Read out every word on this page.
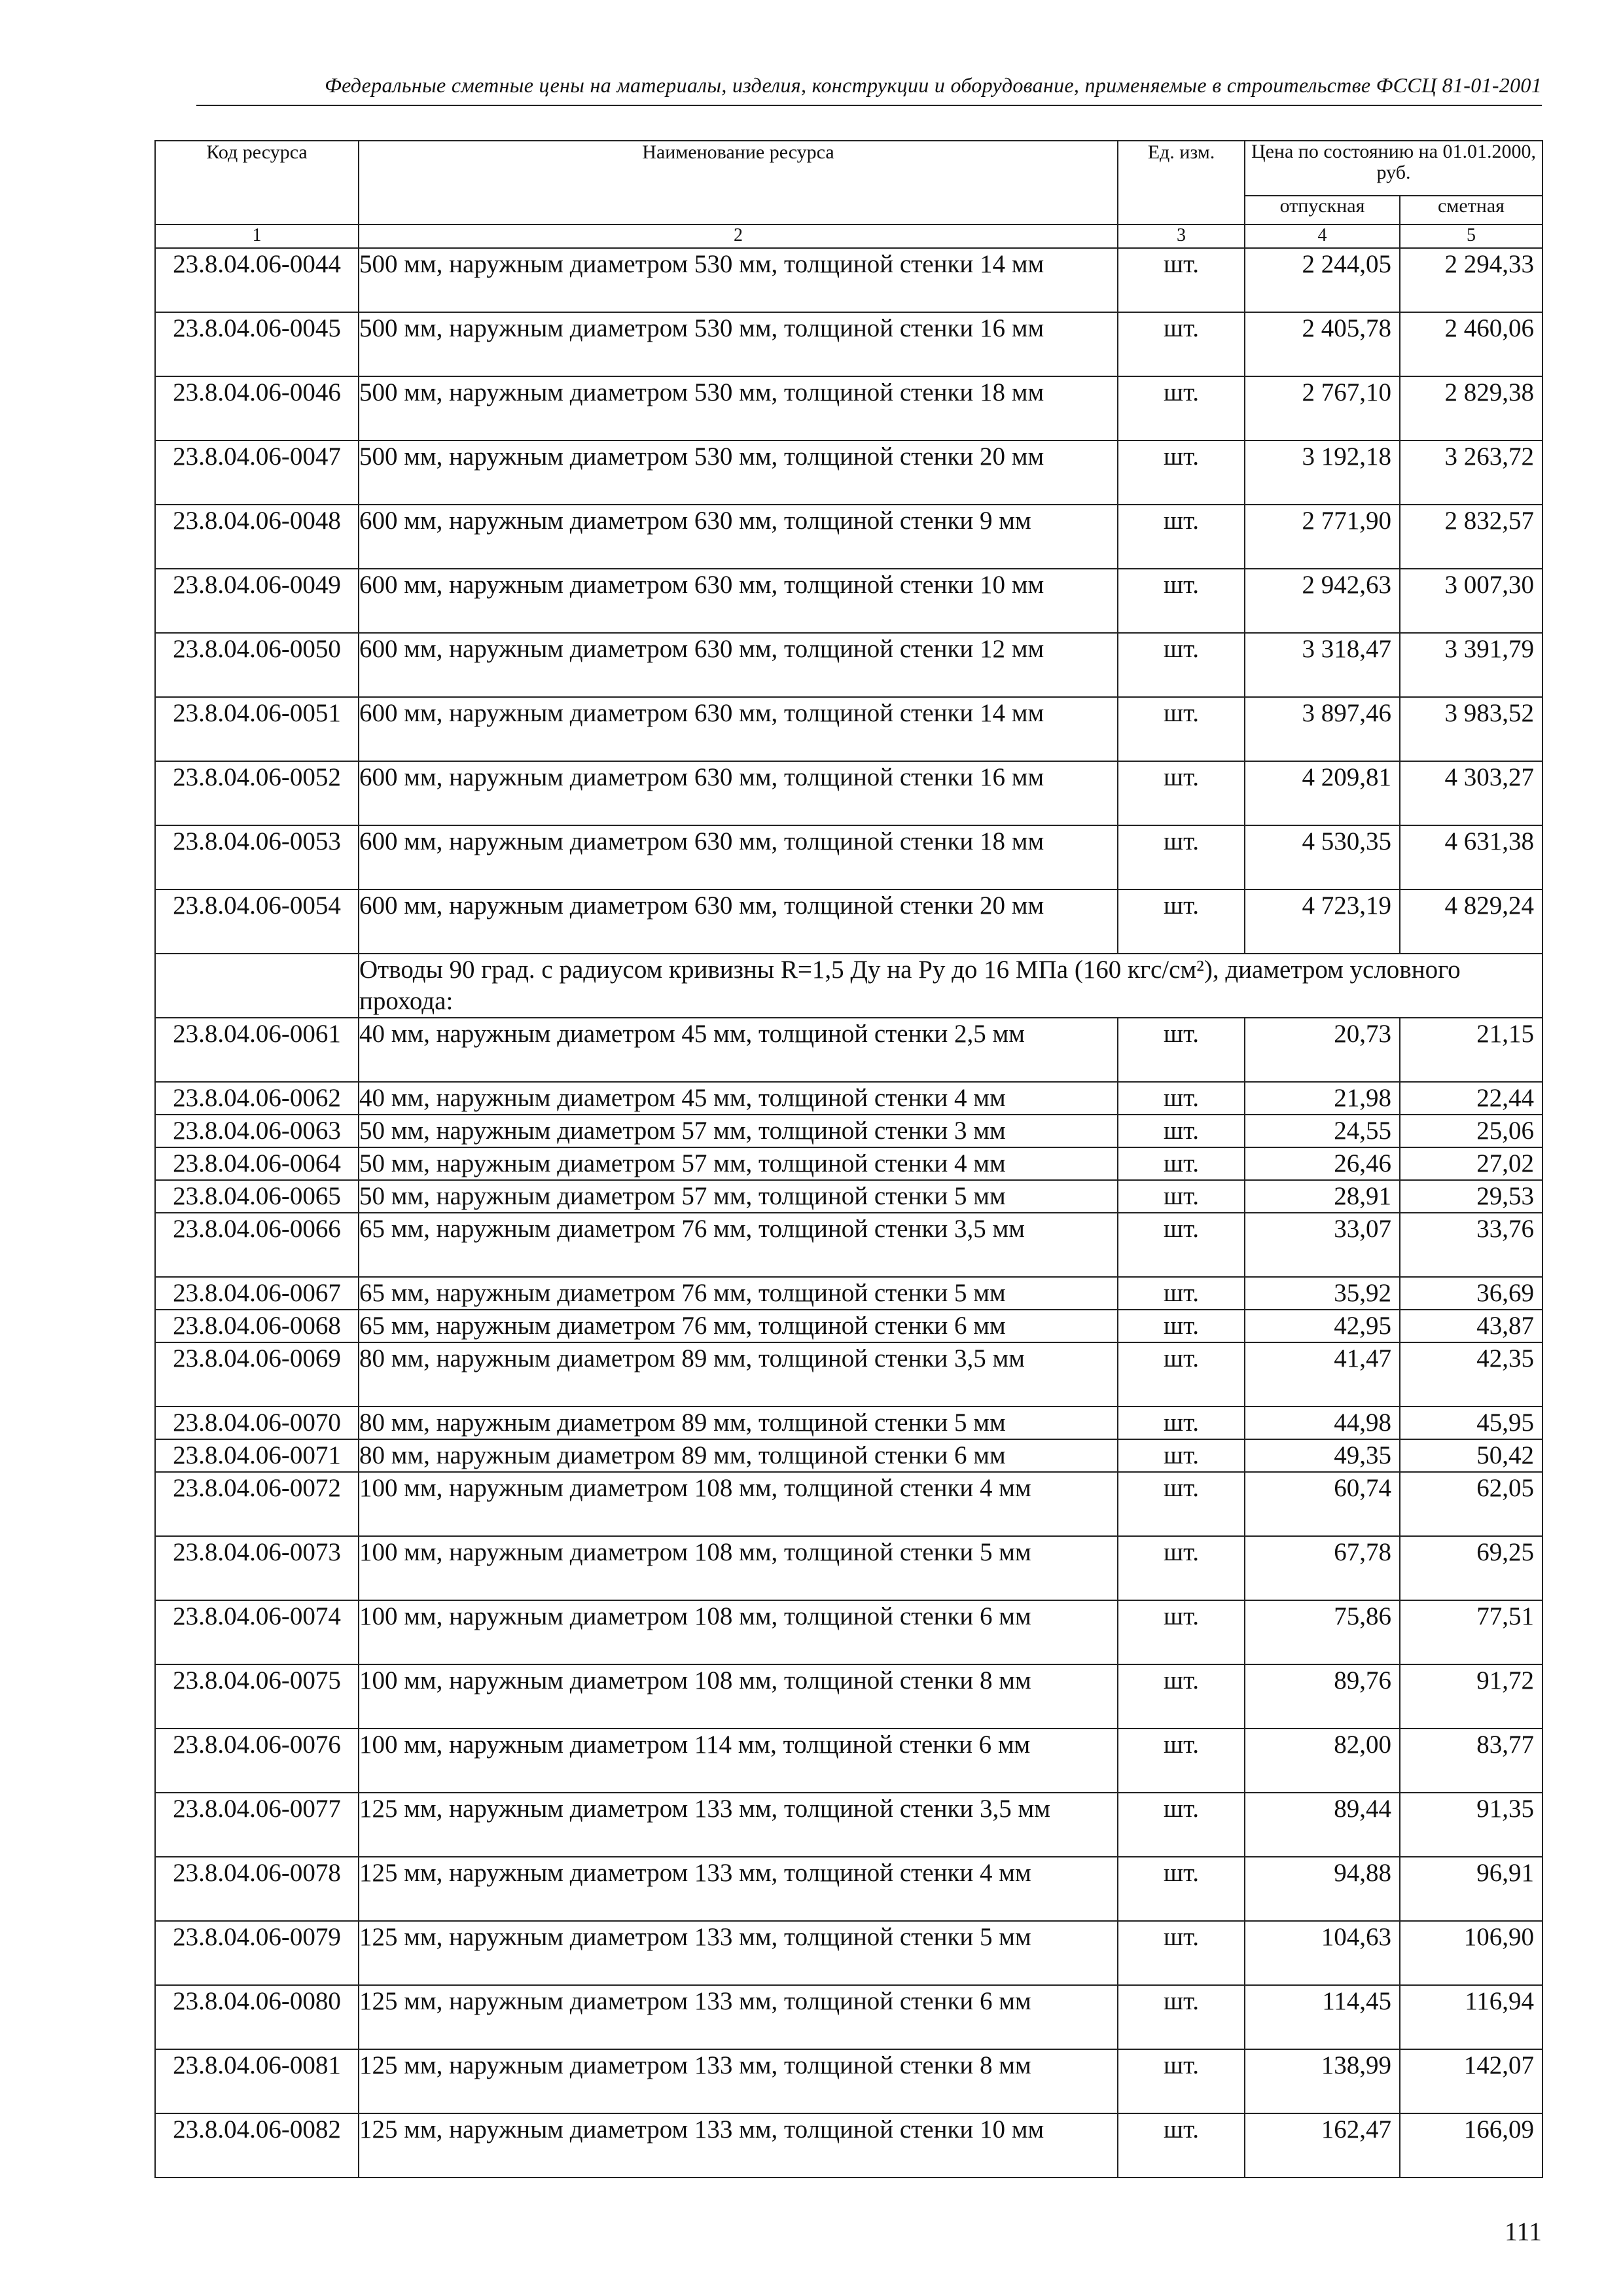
Федеральные сметные цены на материалы, изделия, конструкции и оборудование, применяемые в строительстве ФССЦ 81-01-2001
Код ресурса	Наименование ресурса	Ед. изм.	Цена по состоянию на 01.01.2000, руб.	
			отпускная	сметная
1	2	3	4	5
23.8.04.06-0044	500 мм, наружным диаметром 530 мм, толщиной стенки 14 мм	шт.	2 244,05	2 294,33
23.8.04.06-0045	500 мм, наружным диаметром 530 мм, толщиной стенки 16 мм	шт.	2 405,78	2 460,06
23.8.04.06-0046	500 мм, наружным диаметром 530 мм, толщиной стенки 18 мм	шт.	2 767,10	2 829,38
23.8.04.06-0047	500 мм, наружным диаметром 530 мм, толщиной стенки 20 мм	шт.	3 192,18	3 263,72
23.8.04.06-0048	600 мм, наружным диаметром 630 мм, толщиной стенки 9 мм	шт.	2 771,90	2 832,57
23.8.04.06-0049	600 мм, наружным диаметром 630 мм, толщиной стенки 10 мм	шт.	2 942,63	3 007,30
23.8.04.06-0050	600 мм, наружным диаметром 630 мм, толщиной стенки 12 мм	шт.	3 318,47	3 391,79
23.8.04.06-0051	600 мм, наружным диаметром 630 мм, толщиной стенки 14 мм	шт.	3 897,46	3 983,52
23.8.04.06-0052	600 мм, наружным диаметром 630 мм, толщиной стенки 16 мм	шт.	4 209,81	4 303,27
23.8.04.06-0053	600 мм, наружным диаметром 630 мм, толщиной стенки 18 мм	шт.	4 530,35	4 631,38
23.8.04.06-0054	600 мм, наружным диаметром 630 мм, толщиной стенки 20 мм	шт.	4 723,19	4 829,24
	Отводы 90 град. с радиусом кривизны R=1,5 Ду на Ру до 16 МПа (160 кгс/см²), диаметром условного прохода:			
23.8.04.06-0061	40 мм, наружным диаметром 45 мм, толщиной стенки 2,5 мм	шт.	20,73	21,15
23.8.04.06-0062	40 мм, наружным диаметром 45 мм, толщиной стенки 4 мм	шт.	21,98	22,44
23.8.04.06-0063	50 мм, наружным диаметром 57 мм, толщиной стенки 3 мм	шт.	24,55	25,06
23.8.04.06-0064	50 мм, наружным диаметром 57 мм, толщиной стенки 4 мм	шт.	26,46	27,02
23.8.04.06-0065	50 мм, наружным диаметром 57 мм, толщиной стенки 5 мм	шт.	28,91	29,53
23.8.04.06-0066	65 мм, наружным диаметром 76 мм, толщиной стенки 3,5 мм	шт.	33,07	33,76
23.8.04.06-0067	65 мм, наружным диаметром 76 мм, толщиной стенки 5 мм	шт.	35,92	36,69
23.8.04.06-0068	65 мм, наружным диаметром 76 мм, толщиной стенки 6 мм	шт.	42,95	43,87
23.8.04.06-0069	80 мм, наружным диаметром 89 мм, толщиной стенки 3,5 мм	шт.	41,47	42,35
23.8.04.06-0070	80 мм, наружным диаметром 89 мм, толщиной стенки 5 мм	шт.	44,98	45,95
23.8.04.06-0071	80 мм, наружным диаметром 89 мм, толщиной стенки 6 мм	шт.	49,35	50,42
23.8.04.06-0072	100 мм, наружным диаметром 108 мм, толщиной стенки 4 мм	шт.	60,74	62,05
23.8.04.06-0073	100 мм, наружным диаметром 108 мм, толщиной стенки 5 мм	шт.	67,78	69,25
23.8.04.06-0074	100 мм, наружным диаметром 108 мм, толщиной стенки 6 мм	шт.	75,86	77,51
23.8.04.06-0075	100 мм, наружным диаметром 108 мм, толщиной стенки 8 мм	шт.	89,76	91,72
23.8.04.06-0076	100 мм, наружным диаметром 114 мм, толщиной стенки 6 мм	шт.	82,00	83,77
23.8.04.06-0077	125 мм, наружным диаметром 133 мм, толщиной стенки 3,5 мм	шт.	89,44	91,35
23.8.04.06-0078	125 мм, наружным диаметром 133 мм, толщиной стенки 4 мм	шт.	94,88	96,91
23.8.04.06-0079	125 мм, наружным диаметром 133 мм, толщиной стенки 5 мм	шт.	104,63	106,90
23.8.04.06-0080	125 мм, наружным диаметром 133 мм, толщиной стенки 6 мм	шт.	114,45	116,94
23.8.04.06-0081	125 мм, наружным диаметром 133 мм, толщиной стенки 8 мм	шт.	138,99	142,07
23.8.04.06-0082	125 мм, наружным диаметром 133 мм, толщиной стенки 10 мм	шт.	162,47	166,09
111
